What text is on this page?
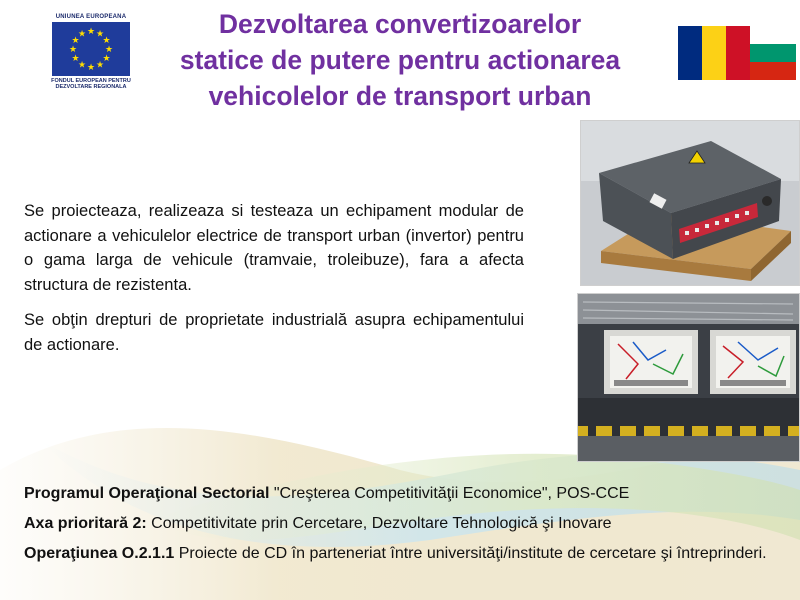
UNIUNEA EUROPEANA
★ ★
★
★
★
★
★
★
★
★
★
★
FONDUL EUROPEAN PENTRU DEZVOLTARE REGIONALA
Dezvoltarea convertizoarelor
statice de putere pentru actionarea
vehicolelor de transport urban

Se proiecteaza, realizeaza si testeaza un echipament modular de actionare a vehiculelor electrice de transport urban (invertor) pentru o gama larga de vehicule (tramvaie, troleibuze), fara a afecta structura de rezistenta.

Se obţin drepturi de proprietate industrială asupra echipamentului de actionare.

Programul Operaţional Sectorial "Creşterea Competitivităţii Economice", POS-CCE
Axa prioritară 2: Competitivitate prin Cercetare, Dezvoltare Tehnologică şi Inovare
Operaţiunea O.2.1.1 Proiecte de CD în parteneriat între universităţi/institute de cercetare şi întreprinderi.
